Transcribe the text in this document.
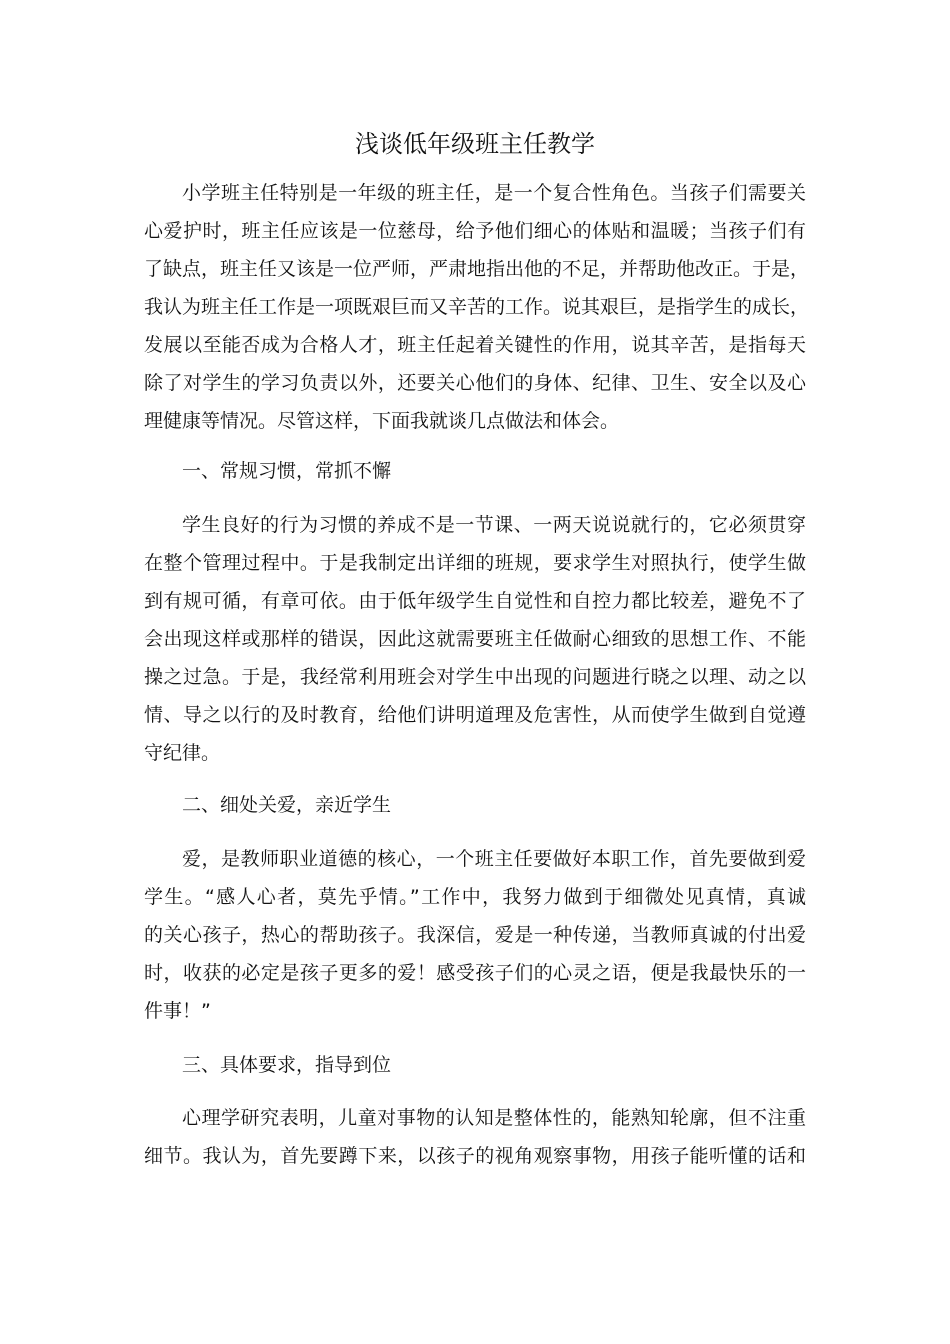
浅谈低年级班主任教学
小学班主任特别是一年级的班主任，是一个复合性角色。当孩子们需要关
心爱护时，班主任应该是一位慈母，给予他们细心的体贴和温暖；当孩子们有
了缺点，班主任又该是一位严师，严肃地指出他的不足，并帮助他改正。于是，
我认为班主任工作是一项既艰巨而又辛苦的工作。说其艰巨，是指学生的成长，
发展以至能否成为合格人才，班主任起着关键性的作用，说其辛苦，是指每天
除了对学生的学习负责以外，还要关心他们的身体、纪律、卫生、安全以及心
理健康等情况。尽管这样，下面我就谈几点做法和体会。
一、常规习惯，常抓不懈
学生良好的行为习惯的养成不是一节课、一两天说说就行的，它必须贯穿
在整个管理过程中。于是我制定出详细的班规，要求学生对照执行，使学生做
到有规可循，有章可依。由于低年级学生自觉性和自控力都比较差，避免不了
会出现这样或那样的错误，因此这就需要班主任做耐心细致的思想工作、不能
操之过急。于是，我经常利用班会对学生中出现的问题进行晓之以理、动之以
情、导之以行的及时教育，给他们讲明道理及危害性，从而使学生做到自觉遵
守纪律。
二、细处关爱，亲近学生
爱，是教师职业道德的核心，一个班主任要做好本职工作，首先要做到爱
学生。“感人心者，莫先乎情。”工作中，我努力做到于细微处见真情，真诚
的关心孩子，热心的帮助孩子。我深信，爱是一种传递，当教师真诚的付出爱
时，收获的必定是孩子更多的爱！感受孩子们的心灵之语，便是我最快乐的一
件事！”
三、具体要求，指导到位
心理学研究表明，儿童对事物的认知是整体性的，能熟知轮廓，但不注重
细节。我认为，首先要蹲下来，以孩子的视角观察事物，用孩子能听懂的话和
